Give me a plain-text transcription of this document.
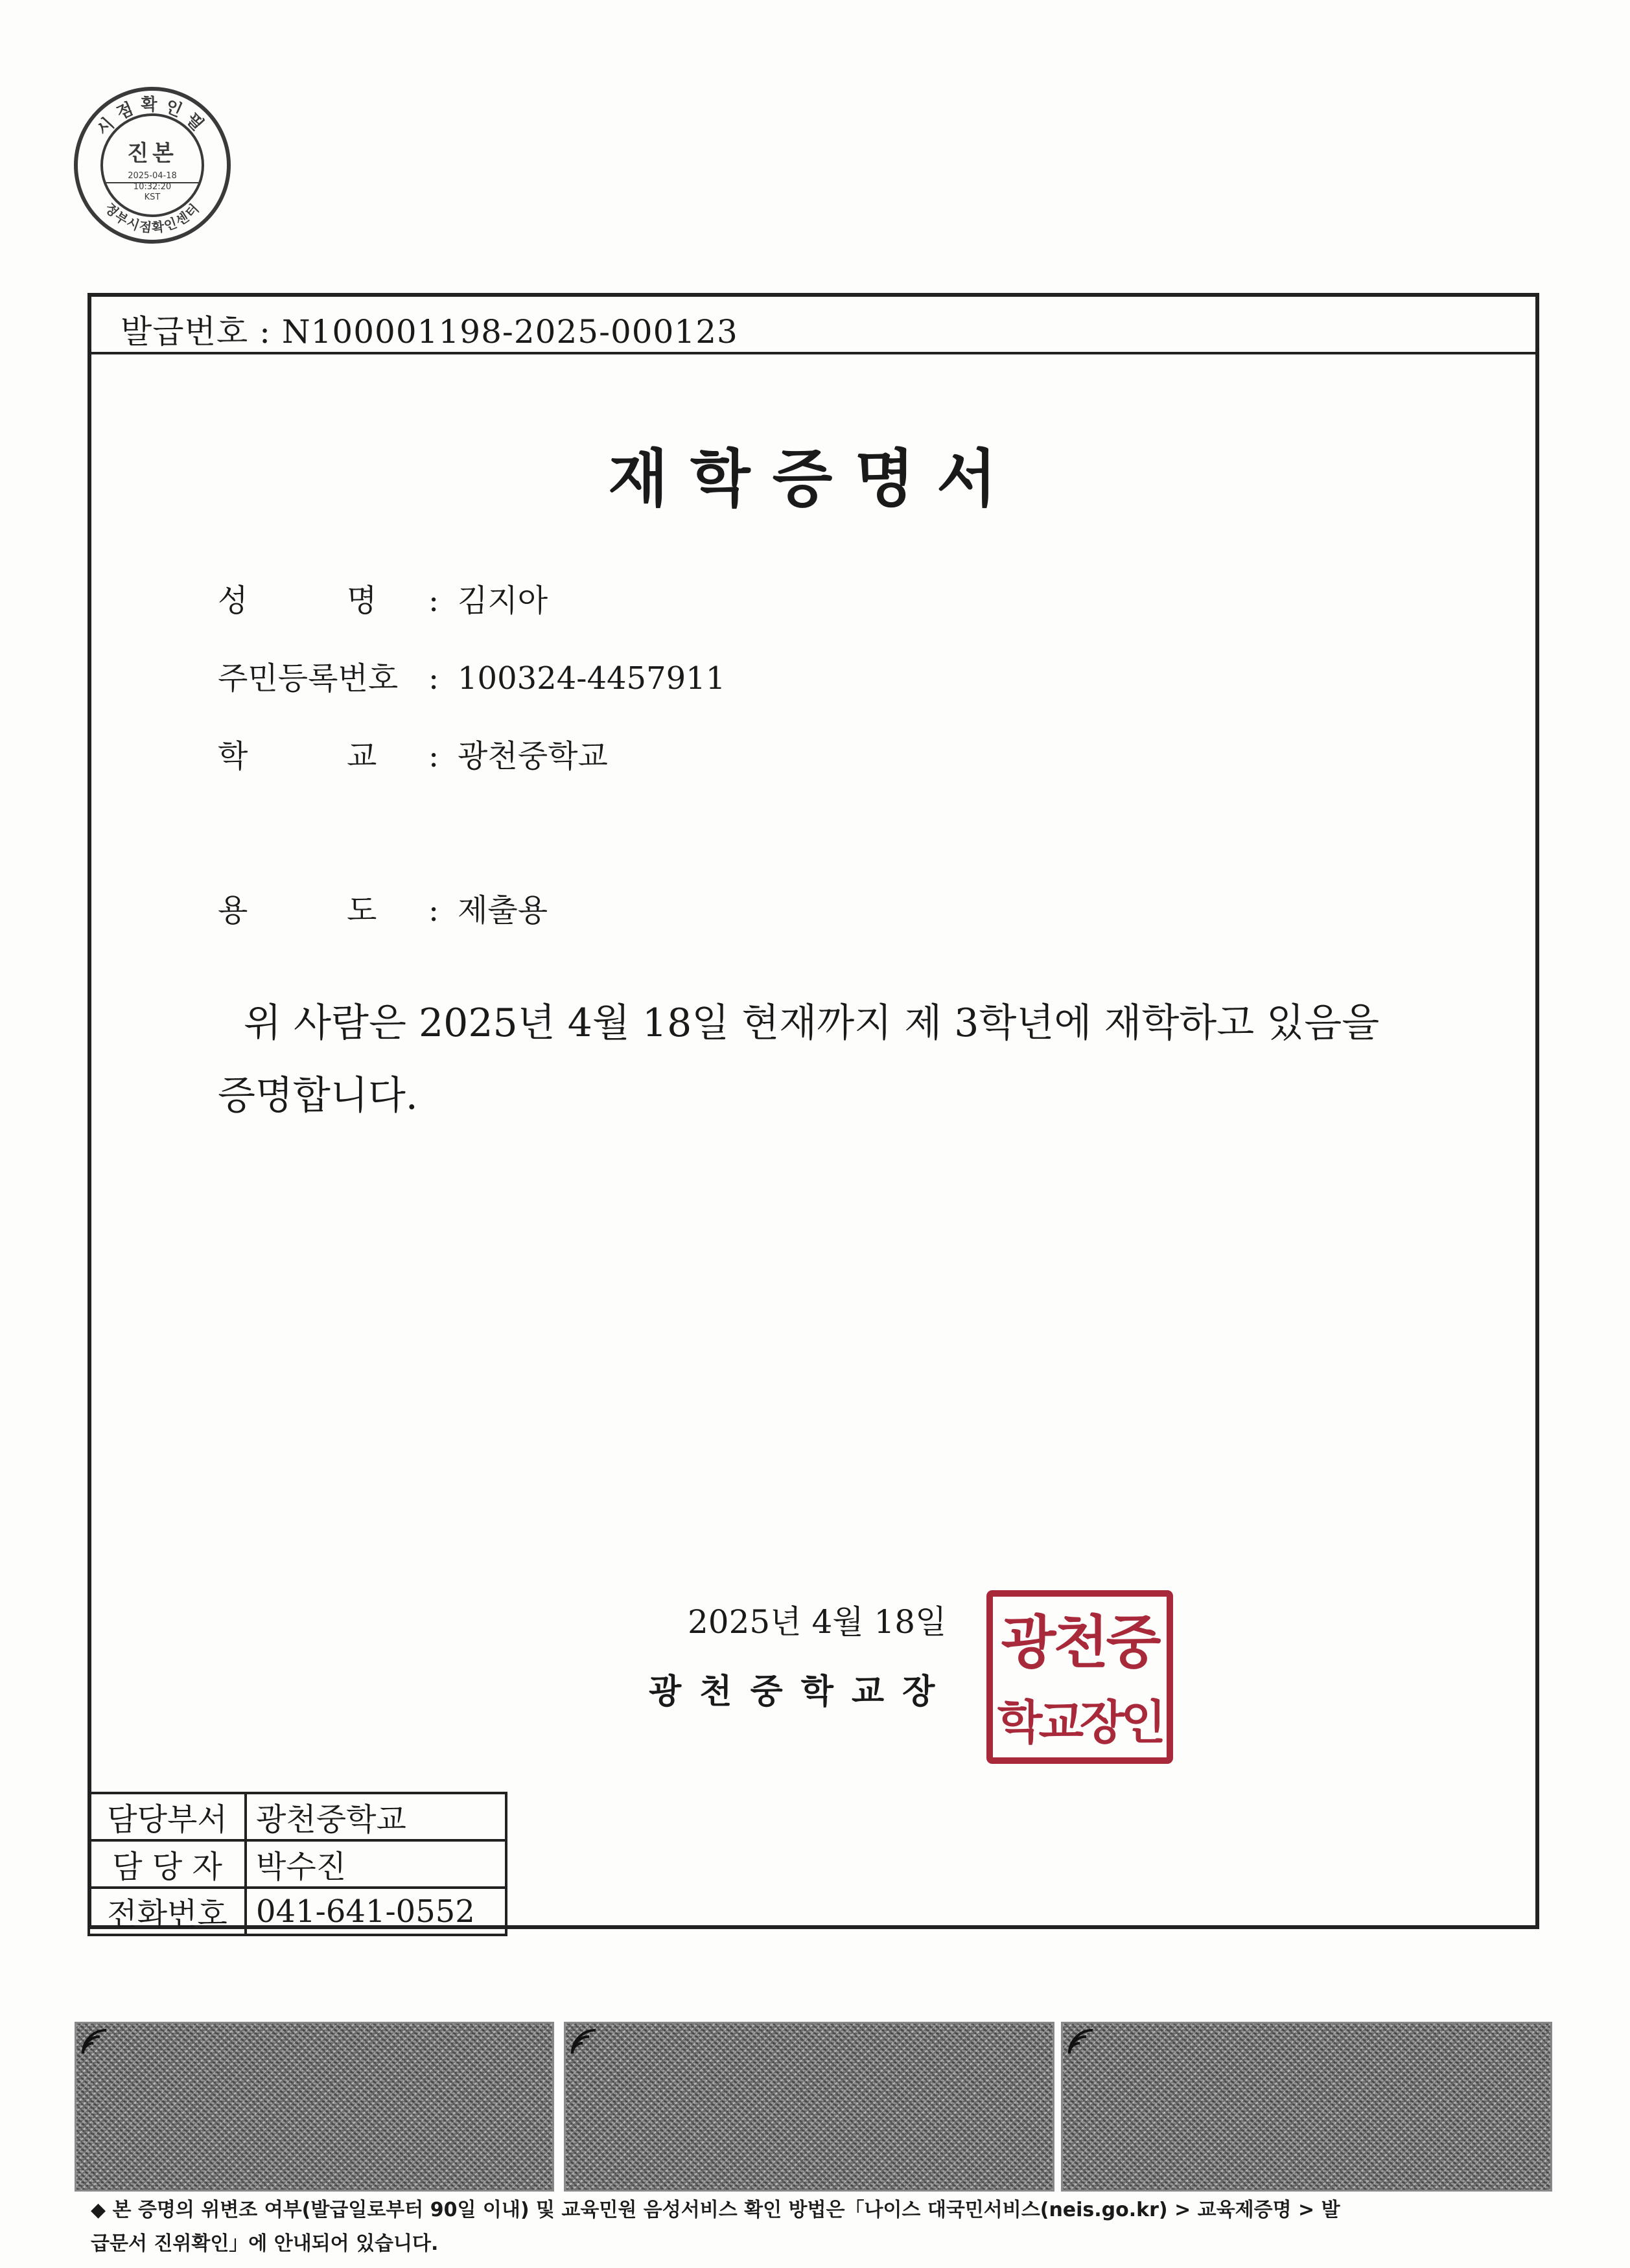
시점확인필
정부시점확인센터
진본
2025-04-18
10:32:20
KST
발급번호 : N100001198-2025-000123
재학증명서
성          명 : 김지아
주민등록번호 : 100324-4457911
학          교 : 광천중학교
용          도 : 제출용
위 사람은 2025년 4월 18일 현재까지 제 3학년에 재학하고 있음을
증명합니다.
2025년 4월 18일
광천중학교장
광천중
학교장인
담당부서	광천중학교
담 당 자	박수진
전화번호	041-641-0552
◆ 본 증명의 위변조 여부(발급일로부터 90일 이내) 및 교육민원 음성서비스 확인 방법은「나이스 대국민서비스(neis.go.kr) > 교육제증명 > 발
급문서 진위확인」에 안내되어 있습니다.
